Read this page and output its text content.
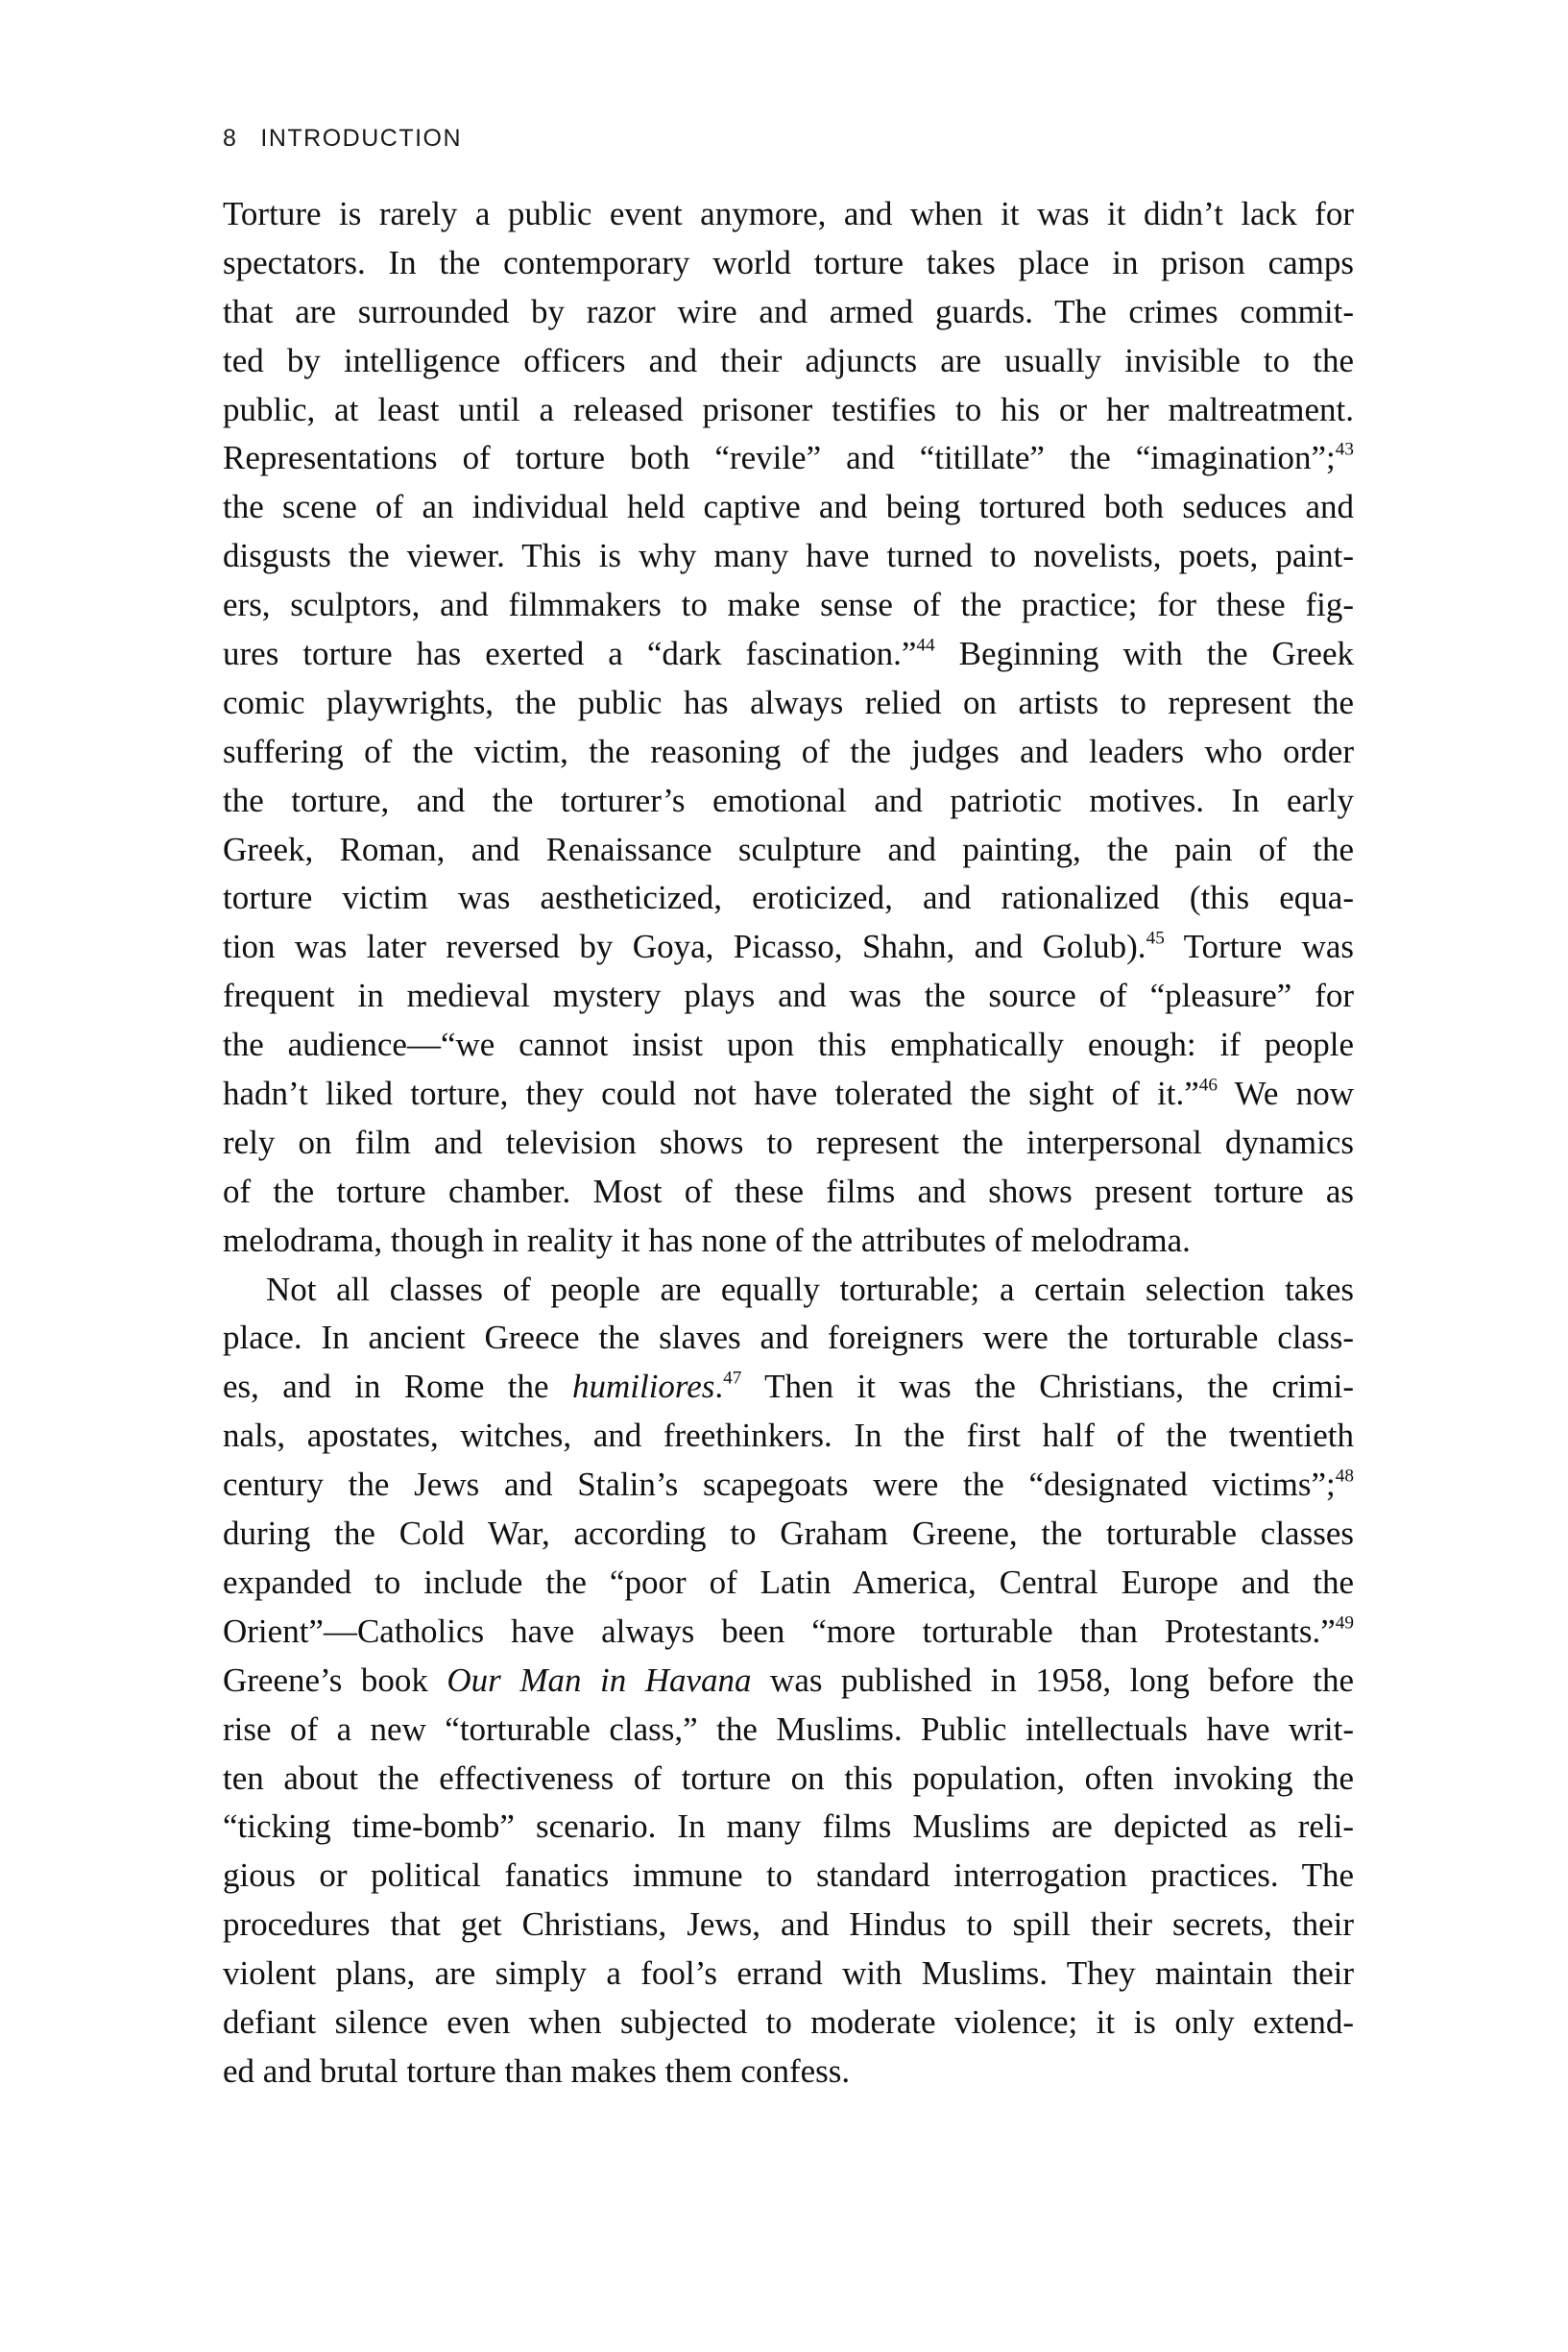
8 INTRODUCTION
Torture is rarely a public event anymore, and when it was it didn’t lack for
spectators. In the contemporary world torture takes place in prison camps
that are surrounded by razor wire and armed guards. The crimes commit-
ted by intelligence officers and their adjuncts are usually invisible to the
public, at least until a released prisoner testifies to his or her maltreatment.
Representations of torture both “revile” and “titillate” the “imagination”;$^{43}$
the scene of an individual held captive and being tortured both seduces and
disgusts the viewer. This is why many have turned to novelists, poets, paint-
ers, sculptors, and filmmakers to make sense of the practice; for these fig-
ures torture has exerted a “dark fascination.”$^{44}$ Beginning with the Greek
comic playwrights, the public has always relied on artists to represent the
suffering of the victim, the reasoning of the judges and leaders who order
the torture, and the torturer’s emotional and patriotic motives. In early
Greek, Roman, and Renaissance sculpture and painting, the pain of the
torture victim was aestheticized, eroticized, and rationalized (this equa-
tion was later reversed by Goya, Picasso, Shahn, and Golub).$^{45}$ Torture was
frequent in medieval mystery plays and was the source of “pleasure” for
the audience—“we cannot insist upon this emphatically enough: if people
hadn’t liked torture, they could not have tolerated the sight of it.”$^{46}$ We now
rely on film and television shows to represent the interpersonal dynamics
of the torture chamber. Most of these films and shows present torture as
melodrama, though in reality it has none of the attributes of melodrama.
Not all classes of people are equally torturable; a certain selection takes
place. In ancient Greece the slaves and foreigners were the torturable class-
es, and in Rome the humiliores.$^{47}$ Then it was the Christians, the crimi-
nals, apostates, witches, and freethinkers. In the first half of the twentieth
century the Jews and Stalin’s scapegoats were the “designated victims”;$^{48}$
during the Cold War, according to Graham Greene, the torturable classes
expanded to include the “poor of Latin America, Central Europe and the
Orient”—Catholics have always been “more torturable than Protestants.”$^{49}$
Greene’s book Our Man in Havana was published in 1958, long before the
rise of a new “torturable class,” the Muslims. Public intellectuals have writ-
ten about the effectiveness of torture on this population, often invoking the
“ticking time-bomb” scenario. In many films Muslims are depicted as reli-
gious or political fanatics immune to standard interrogation practices. The
procedures that get Christians, Jews, and Hindus to spill their secrets, their
violent plans, are simply a fool’s errand with Muslims. They maintain their
defiant silence even when subjected to moderate violence; it is only extend-
ed and brutal torture than makes them confess.
